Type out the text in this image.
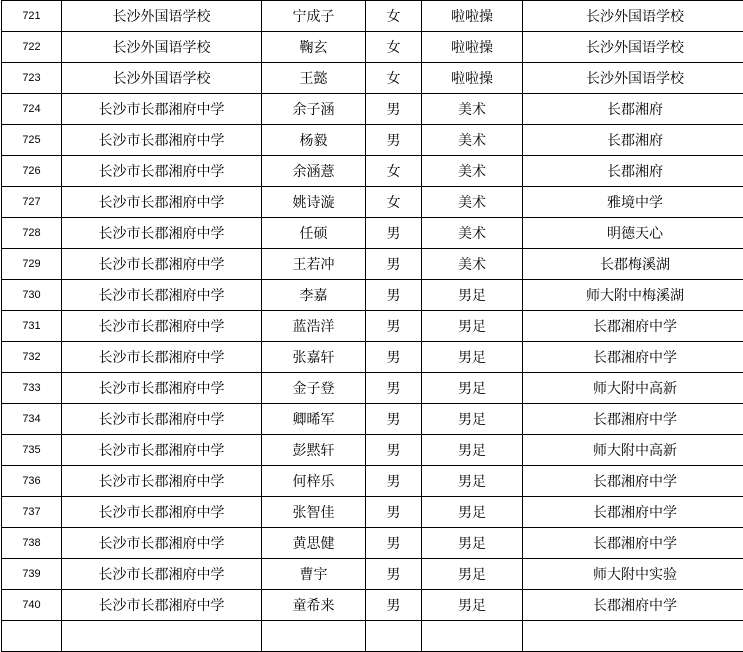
721	长沙外国语学校	宁成子	女	啦啦操	长沙外国语学校
722	长沙外国语学校	鞠玄	女	啦啦操	长沙外国语学校
723	长沙外国语学校	王懿	女	啦啦操	长沙外国语学校
724	长沙市长郡湘府中学	余子涵	男	美术	长郡湘府
725	长沙市长郡湘府中学	杨毅	男	美术	长郡湘府
726	长沙市长郡湘府中学	余涵薏	女	美术	长郡湘府
727	长沙市长郡湘府中学	姚诗漩	女	美术	雅境中学
728	长沙市长郡湘府中学	任硕	男	美术	明德天心
729	长沙市长郡湘府中学	王若冲	男	美术	长郡梅溪湖
730	长沙市长郡湘府中学	李嘉	男	男足	师大附中梅溪湖
731	长沙市长郡湘府中学	蓝浩洋	男	男足	长郡湘府中学
732	长沙市长郡湘府中学	张嘉轩	男	男足	长郡湘府中学
733	长沙市长郡湘府中学	金子登	男	男足	师大附中高新
734	长沙市长郡湘府中学	卿晞军	男	男足	长郡湘府中学
735	长沙市长郡湘府中学	彭黙轩	男	男足	师大附中高新
736	长沙市长郡湘府中学	何梓乐	男	男足	长郡湘府中学
737	长沙市长郡湘府中学	张智佳	男	男足	长郡湘府中学
738	长沙市长郡湘府中学	黄思健	男	男足	长郡湘府中学
739	长沙市长郡湘府中学	曹宇	男	男足	师大附中实验
740	长沙市长郡湘府中学	童希来	男	男足	长郡湘府中学
